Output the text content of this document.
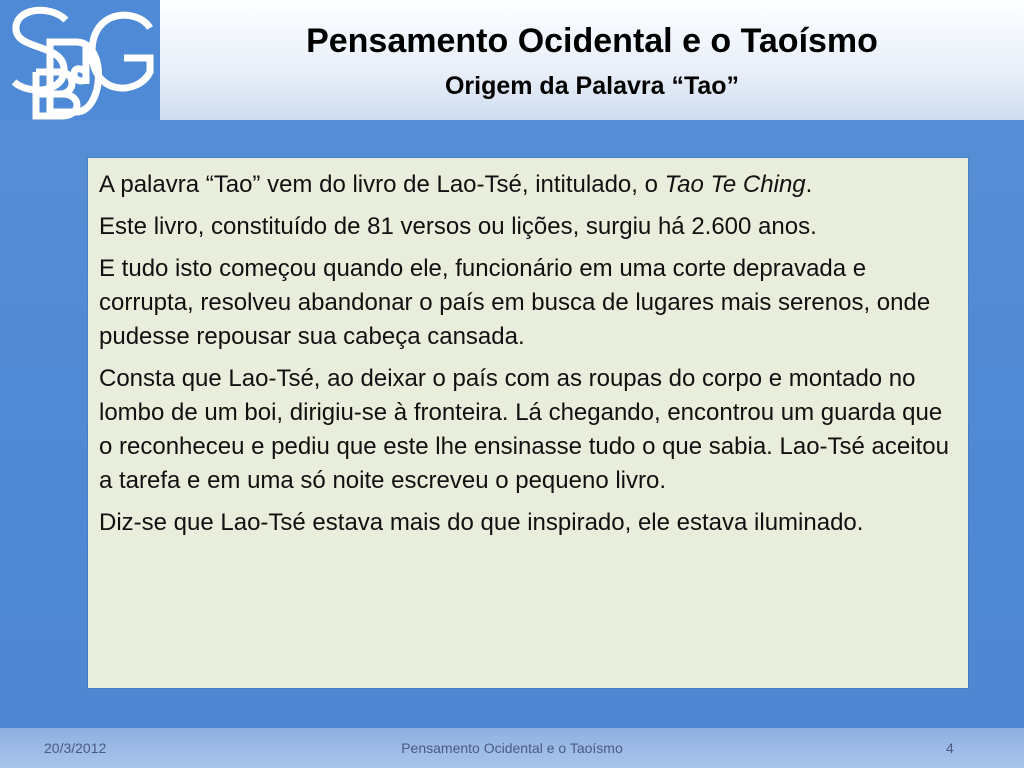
Pensamento Ocidental e o Taoísmo
Origem da Palavra “Tao”

A palavra “Tao” vem do livro de Lao-Tsé, intitulado, o Tao Te Ching.

Este livro, constituído de 81 versos ou lições, surgiu há 2.600 anos.

E tudo isto começou quando ele, funcionário em uma corte depravada e corrupta, resolveu abandonar o país em busca de lugares mais serenos, onde pudesse repousar sua cabeça cansada.

Consta que Lao-Tsé, ao deixar o país com as roupas do corpo e montado no lombo de um boi, dirigiu-se à fronteira. Lá chegando, encontrou um guarda que o reconheceu e pediu que este lhe ensinasse tudo o que sabia. Lao-Tsé aceitou a tarefa e em uma só noite escreveu o pequeno livro.

Diz-se que Lao-Tsé estava mais do que inspirado, ele estava iluminado.

20/3/2012	Pensamento Ocidental e o Taoísmo	4
